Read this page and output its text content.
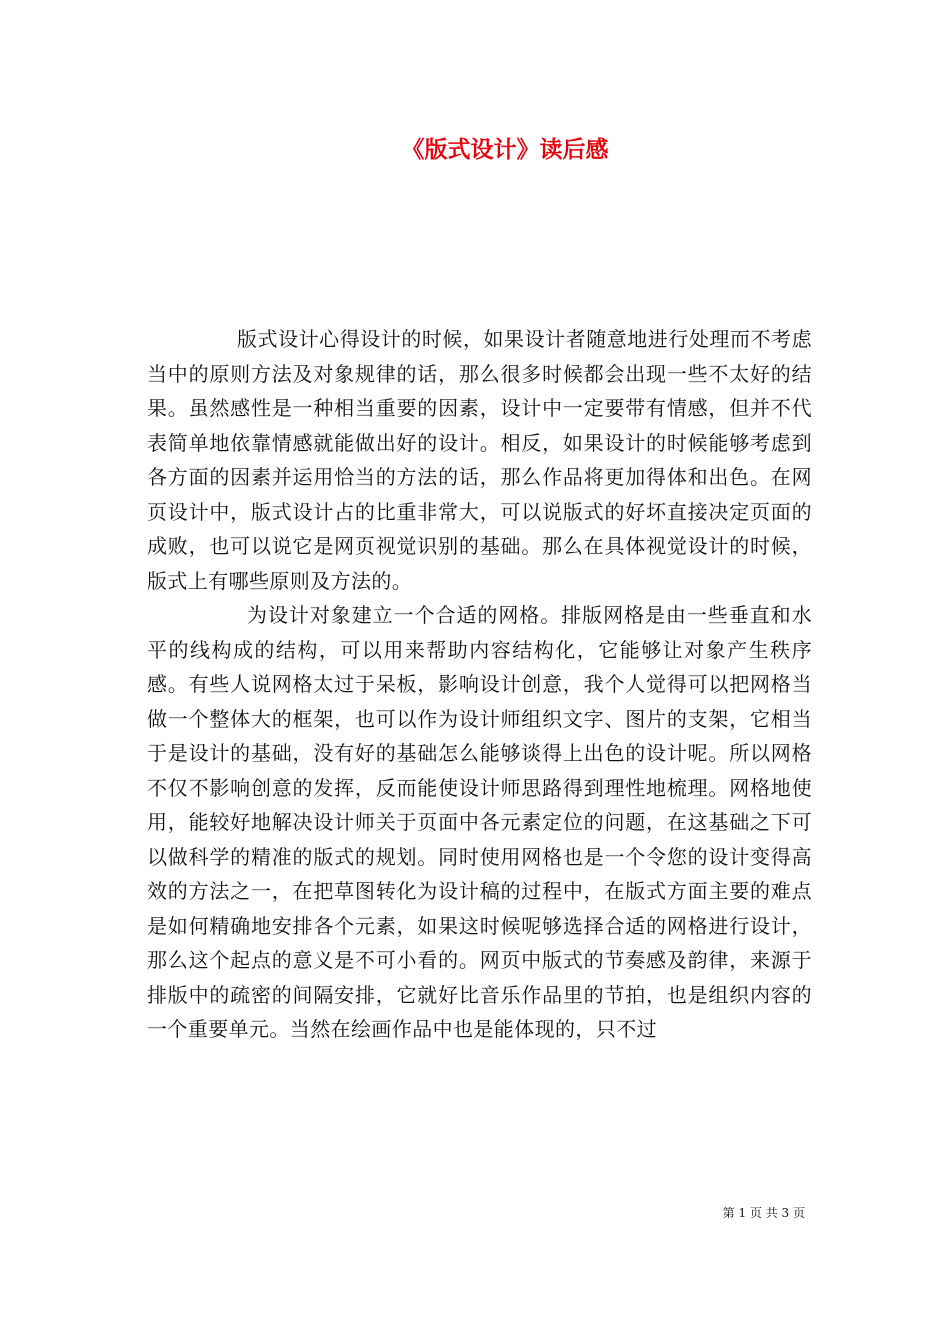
《版式设计》读后感

版式设计心得设计的时候，如果设计者随意地进行处理而不考虑当中的原则方法及对象规律的话，那么很多时候都会出现一些不太好的结果。虽然感性是一种相当重要的因素，设计中一定要带有情感，但并不代表简单地依靠情感就能做出好的设计。相反，如果设计的时候能够考虑到各方面的因素并运用恰当的方法的话，那么作品将更加得体和出色。在网页设计中，版式设计占的比重非常大，可以说版式的好坏直接决定页面的成败，也可以说它是网页视觉识别的基础。那么在具体视觉设计的时候，版式上有哪些原则及方法的。

为设计对象建立一个合适的网格。排版网格是由一些垂直和水平的线构成的结构，可以用来帮助内容结构化，它能够让对象产生秩序感。有些人说网格太过于呆板，影响设计创意，我个人觉得可以把网格当做一个整体大的框架，也可以作为设计师组织文字、图片的支架，它相当于是设计的基础，没有好的基础怎么能够谈得上出色的设计呢。所以网格不仅不影响创意的发挥，反而能使设计师思路得到理性地梳理。网格地使用，能较好地解决设计师关于页面中各元素定位的问题，在这基础之下可以做科学的精准的版式的规划。同时使用网格也是一个令您的设计变得高效的方法之一，在把草图转化为设计稿的过程中，在版式方面主要的难点是如何精确地安排各个元素，如果这时候呢够选择合适的网格进行设计，那么这个起点的意义是不可小看的。网页中版式的节奏感及韵律，来源于排版中的疏密的间隔安排，它就好比音乐作品里的节拍，也是组织内容的一个重要单元。当然在绘画作品中也是能体现的，只不过

第 1 页 共 3 页
